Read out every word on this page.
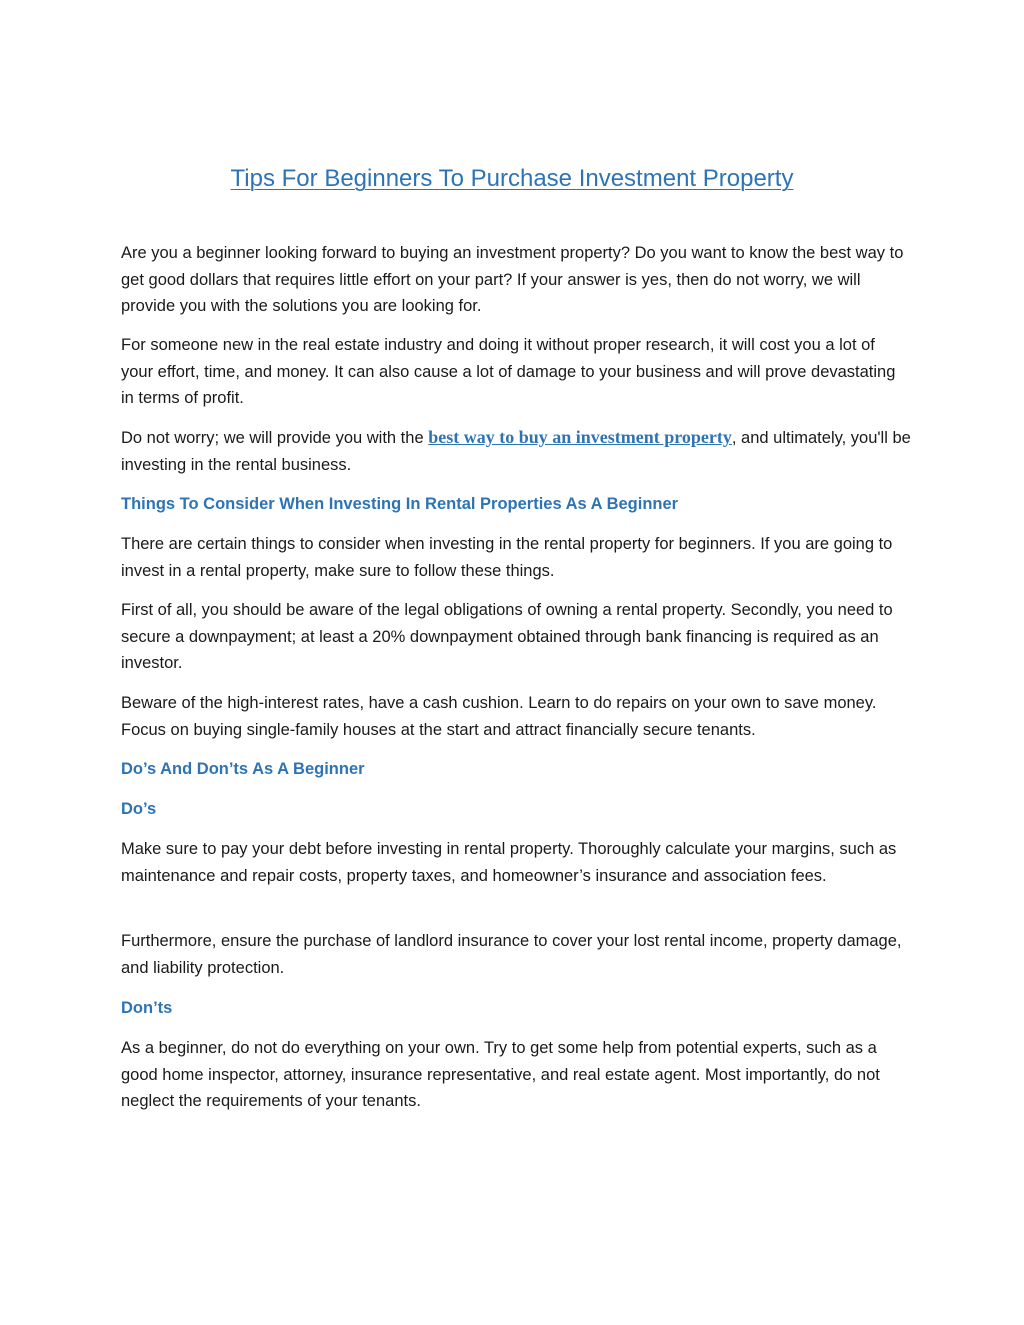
Tips For Beginners To Purchase Investment Property

Are you a beginner looking forward to buying an investment property? Do you want to know the best way to get good dollars that requires little effort on your part? If your answer is yes, then do not worry, we will provide you with the solutions you are looking for.

For someone new in the real estate industry and doing it without proper research, it will cost you a lot of your effort, time, and money. It can also cause a lot of damage to your business and will prove devastating in terms of profit.

Do not worry; we will provide you with the best way to buy an investment property, and ultimately, you'll be investing in the rental business.

Things To Consider When Investing In Rental Properties As A Beginner

There are certain things to consider when investing in the rental property for beginners. If you are going to invest in a rental property, make sure to follow these things.

First of all, you should be aware of the legal obligations of owning a rental property. Secondly, you need to secure a downpayment; at least a 20% downpayment obtained through bank financing is required as an investor.

Beware of the high-interest rates, have a cash cushion. Learn to do repairs on your own to save money. Focus on buying single-family houses at the start and attract financially secure tenants.

Do’s And Don’ts As A Beginner
Do’s

Make sure to pay your debt before investing in rental property. Thoroughly calculate your margins, such as maintenance and repair costs, property taxes, and homeowner’s insurance and association fees.

Furthermore, ensure the purchase of landlord insurance to cover your lost rental income, property damage, and liability protection.

Don’ts

As a beginner, do not do everything on your own. Try to get some help from potential experts, such as a good home inspector, attorney, insurance representative, and real estate agent. Most importantly, do not neglect the requirements of your tenants.
